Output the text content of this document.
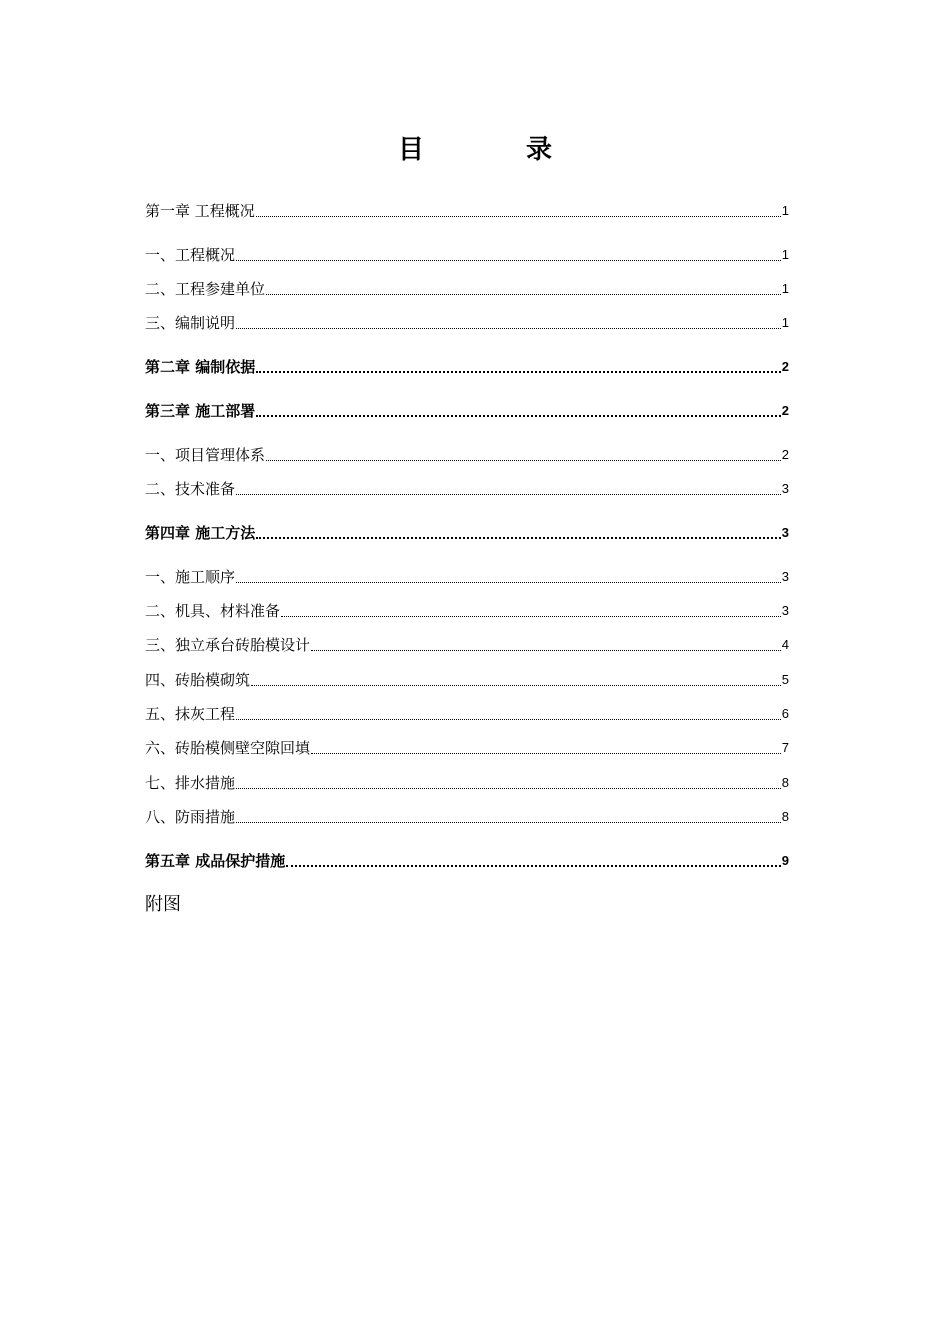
目　录
第一章 工程概况	1
一、工程概况	1
二、工程参建单位	1
三、编制说明	1
第二章 编制依据	2
第三章 施工部署	2
一、项目管理体系	2
二、技术准备	3
第四章 施工方法	3
一、施工顺序	3
二、机具、材料准备	3
三、独立承台砖胎模设计	4
四、砖胎模砌筑	5
五、抹灰工程	6
六、砖胎模侧壁空隙回填	7
七、排水措施	8
八、防雨措施	8
第五章 成品保护措施	9
附图
